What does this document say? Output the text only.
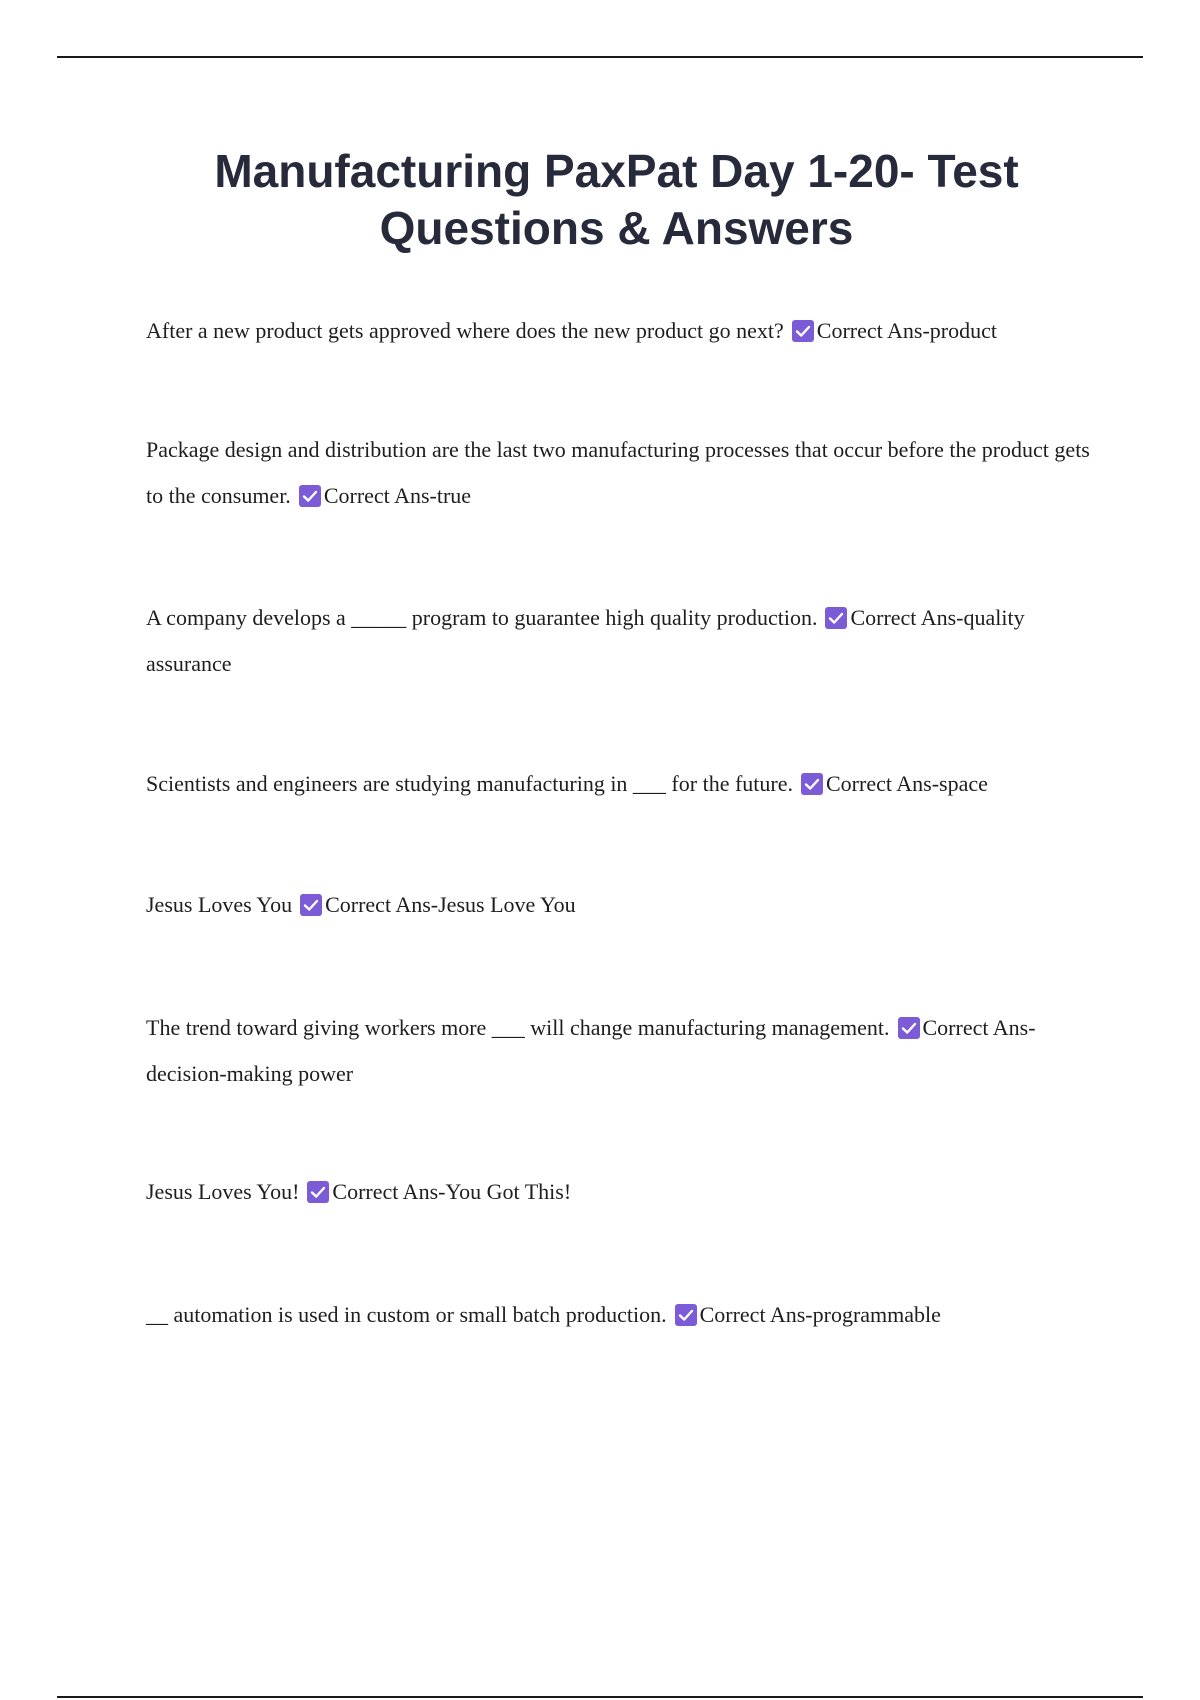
Manufacturing PaxPat Day 1-20- Test Questions & Answers

After a new product gets approved where does the new product go next? Correct Ans-product

Package design and distribution are the last two manufacturing processes that occur before the product gets to the consumer. Correct Ans-true

A company develops a _____ program to guarantee high quality production. Correct Ans-quality assurance

Scientists and engineers are studying manufacturing in ___ for the future. Correct Ans-space

Jesus Loves You Correct Ans-Jesus Love You

The trend toward giving workers more ___ will change manufacturing management. Correct Ans-decision-making power

Jesus Loves You! Correct Ans-You Got This!

__ automation is used in custom or small batch production. Correct Ans-programmable
